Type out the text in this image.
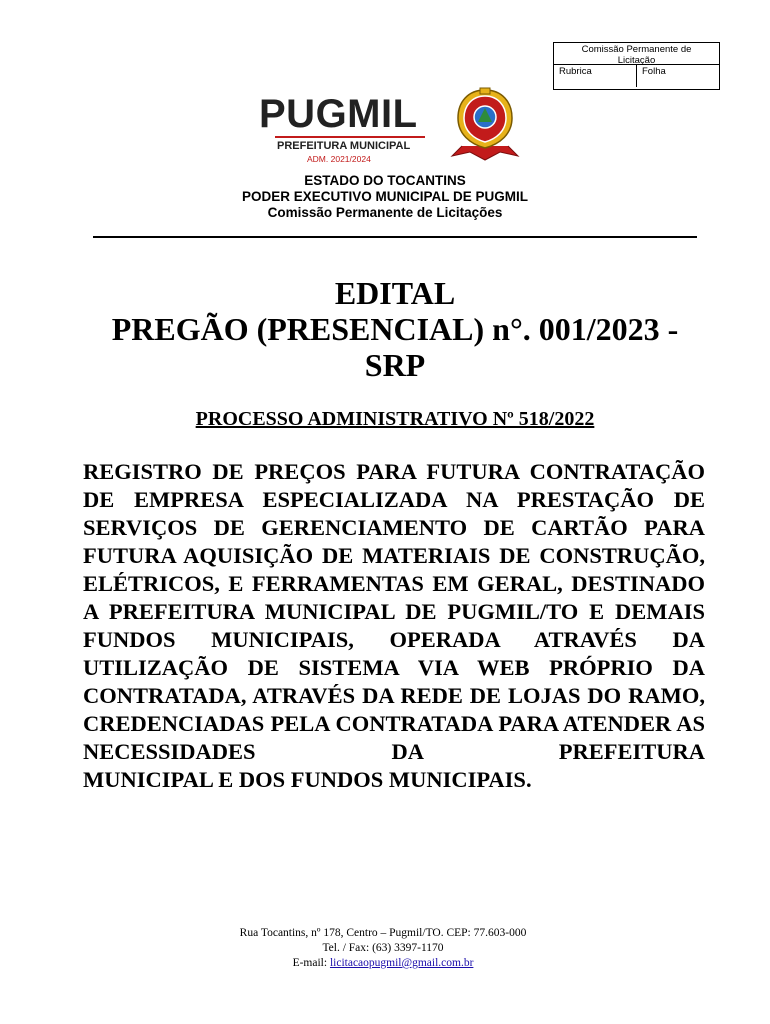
Comissão Permanente de Licitação
Rubrica	Folha
PUGMIL
PREFEITURA MUNICIPAL
ADM. 2021/2024
ESTADO DO TOCANTINS
PODER EXECUTIVO MUNICIPAL DE PUGMIL
Comissão Permanente de Licitações
EDITAL
PREGÃO (PRESENCIAL) n°. 001/2023 -
SRP
PROCESSO ADMINISTRATIVO Nº 518/2022
REGISTRO DE PREÇOS PARA FUTURA CONTRATAÇÃO DE EMPRESA ESPECIALIZADA NA PRESTAÇÃO DE SERVIÇOS DE GERENCIAMENTO DE CARTÃO PARA FUTURA AQUISIÇÃO DE MATERIAIS DE CONSTRUÇÃO, ELÉTRICOS, E FERRAMENTAS EM GERAL, DESTINADO A PREFEITURA MUNICIPAL DE PUGMIL/TO E DEMAIS FUNDOS MUNICIPAIS, OPERADA ATRAVÉS DA UTILIZAÇÃO DE SISTEMA VIA WEB PRÓPRIO DA CONTRATADA, ATRAVÉS DA REDE DE LOJAS DO RAMO, CREDENCIADAS PELA CONTRATADA PARA ATENDER AS NECESSIDADES DA PREFEITURA
MUNICIPAL E DOS FUNDOS MUNICIPAIS.
Rua Tocantins, nº 178, Centro – Pugmil/TO. CEP: 77.603-000
Tel. / Fax: (63) 3397-1170
E-mail: licitacaopugmil@gmail.com.br
